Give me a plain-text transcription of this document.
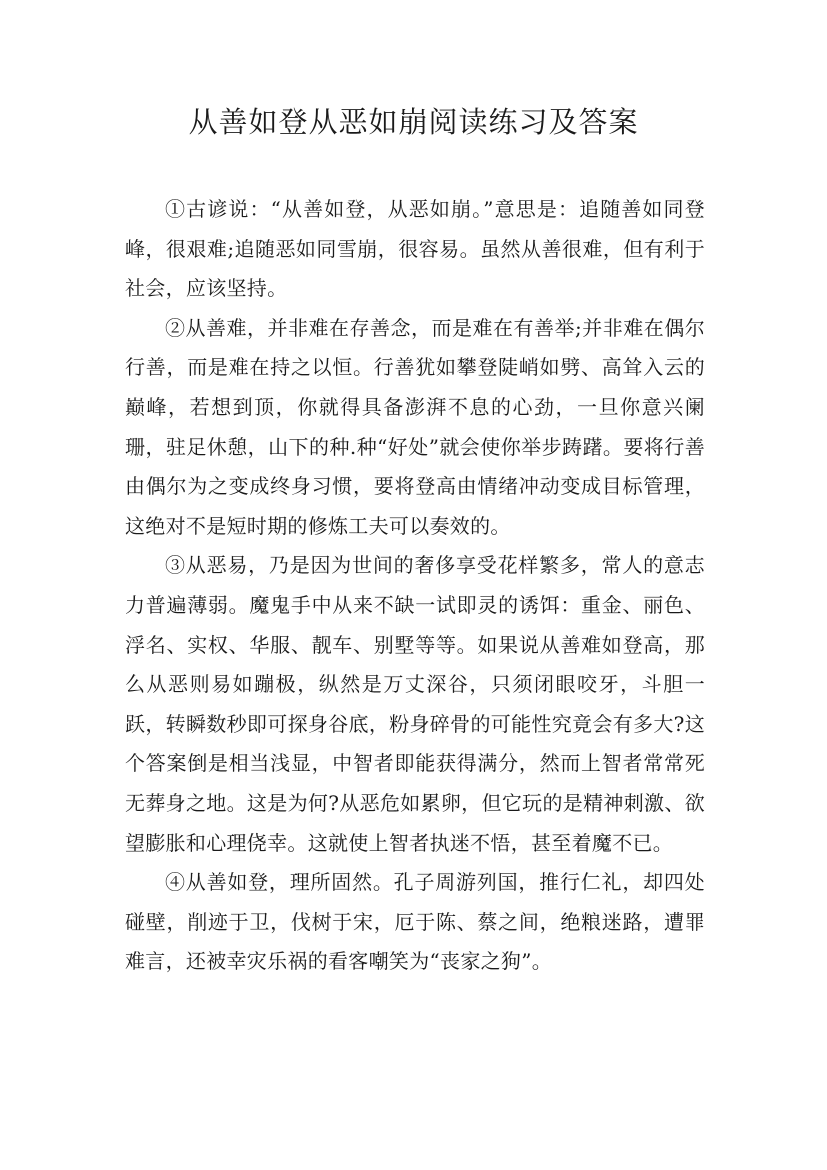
从善如登从恶如崩阅读练习及答案

①古谚说：“从善如登，从恶如崩。”意思是：追随善如同登峰，很艰难;追随恶如同雪崩，很容易。虽然从善很难，但有利于社会，应该坚持。

②从善难，并非难在存善念，而是难在有善举;并非难在偶尔行善，而是难在持之以恒。行善犹如攀登陡峭如劈、高耸入云的巅峰，若想到顶，你就得具备澎湃不息的心劲，一旦你意兴阑珊，驻足休憩，山下的种.种“好处”就会使你举步踌躇。要将行善由偶尔为之变成终身习惯，要将登高由情绪冲动变成目标管理，这绝对不是短时期的修炼工夫可以奏效的。

③从恶易，乃是因为世间的奢侈享受花样繁多，常人的意志力普遍薄弱。魔鬼手中从来不缺一试即灵的诱饵：重金、丽色、浮名、实权、华服、靓车、别墅等等。如果说从善难如登高，那么从恶则易如蹦极，纵然是万丈深谷，只须闭眼咬牙，斗胆一跃，转瞬数秒即可探身谷底，粉身碎骨的可能性究竟会有多大?这个答案倒是相当浅显，中智者即能获得满分，然而上智者常常死无葬身之地。这是为何?从恶危如累卵，但它玩的是精神刺激、欲望膨胀和心理侥幸。这就使上智者执迷不悟，甚至着魔不已。

④从善如登，理所固然。孔子周游列国，推行仁礼，却四处碰壁，削迹于卫，伐树于宋，厄于陈、蔡之间，绝粮迷路，遭罪难言，还被幸灾乐祸的看客嘲笑为“丧家之狗”。
